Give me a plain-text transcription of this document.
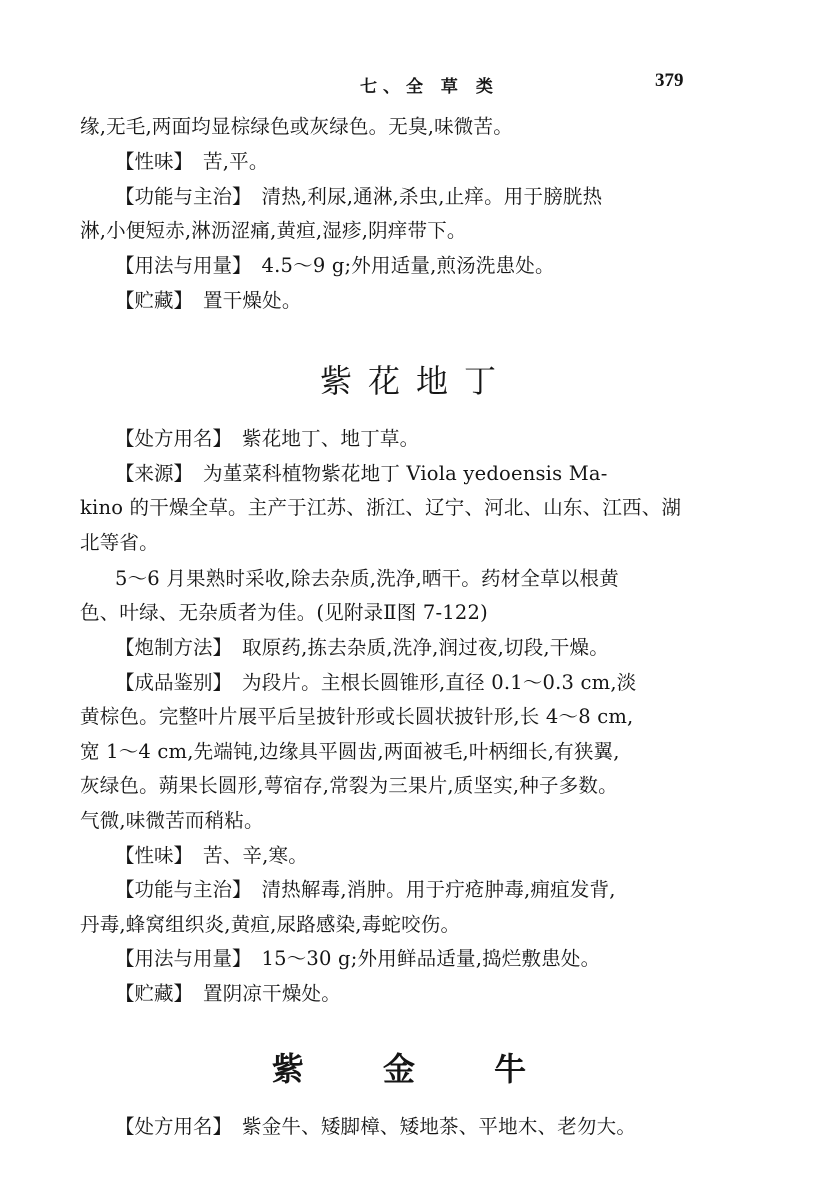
七、全 草 类	379
缘,无毛,两面均显棕绿色或灰绿色。无臭,味微苦。
【性味】 苦,平。
【功能与主治】 清热,利尿,通淋,杀虫,止痒。用于膀胱热
淋,小便短赤,淋沥涩痛,黄疸,湿疹,阴痒带下。
【用法与用量】 4.5～9 g;外用适量,煎汤洗患处。
【贮藏】 置干燥处。
紫花地丁
【处方用名】 紫花地丁、地丁草。
【来源】 为堇菜科植物紫花地丁 Viola yedoensis Ma-
kino 的干燥全草。主产于江苏、浙江、辽宁、河北、山东、江西、湖
北等省。
5～6 月果熟时采收,除去杂质,洗净,晒干。药材全草以根黄
色、叶绿、无杂质者为佳。(见附录Ⅱ图 7-122)
【炮制方法】 取原药,拣去杂质,洗净,润过夜,切段,干燥。
【成品鉴别】 为段片。主根长圆锥形,直径 0.1～0.3 cm,淡
黄棕色。完整叶片展平后呈披针形或长圆状披针形,长 4～8 cm,
宽 1～4 cm,先端钝,边缘具平圆齿,两面被毛,叶柄细长,有狭翼,
灰绿色。蒴果长圆形,萼宿存,常裂为三果片,质坚实,种子多数。
气微,味微苦而稍粘。
【性味】 苦、辛,寒。
【功能与主治】 清热解毒,消肿。用于疔疮肿毒,痈疽发背,
丹毒,蜂窝组织炎,黄疸,尿路感染,毒蛇咬伤。
【用法与用量】 15～30 g;外用鲜品适量,捣烂敷患处。
【贮藏】 置阴凉干燥处。
紫 金 牛
【处方用名】 紫金牛、矮脚樟、矮地茶、平地木、老勿大。
